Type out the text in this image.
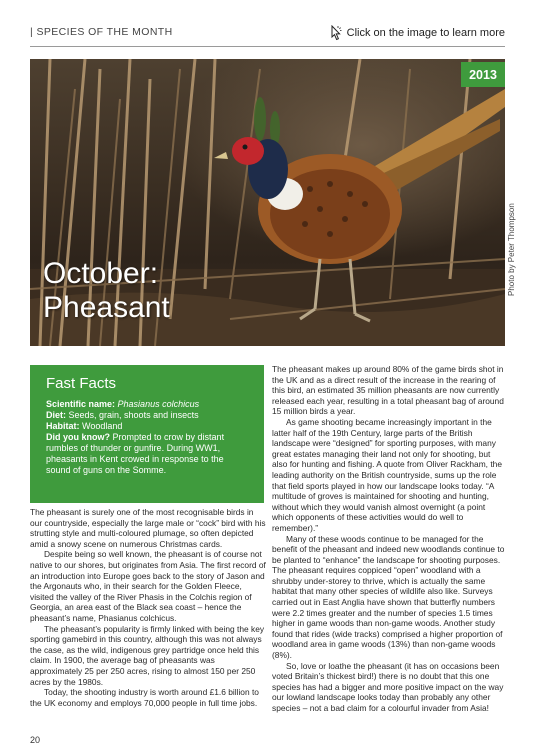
| SPECIES OF THE MONTH	Click on the image to learn more
2013
October:
Pheasant
Photo by Peter Thompson
Fast Facts

Scientific name: Phasianus colchicus

Diet: Seeds, grain, shoots and insects

Habitat: Woodland

Did you know? Prompted to crow by distant rumbles of thunder or gunfire. During WW1, pheasants in Kent crowed in response to the sound of guns on the Somme.

The pheasant is surely one of the most recognisable birds in our countryside, especially the large male or “cock” bird with his strutting style and multi-coloured plumage, so often depicted amid a snowy scene on numerous Christmas cards.

Despite being so well known, the pheasant is of course not native to our shores, but originates from Asia. The first record of an introduction into Europe goes back to the story of Jason and the Argonauts who, in their search for the Golden Fleece, visited the valley of the River Phasis in the Colchis region of Georgia, an area east of the Black sea coast – hence the pheasant’s name, Phasianus colchicus.

The pheasant’s popularity is firmly linked with being the key sporting gamebird in this country, although this was not always the case, as the wild, indigenous grey partridge once held this claim. In 1900, the average bag of pheasants was approximately 25 per 250 acres, rising to almost 150 per 250 acres by the 1980s.

Today, the shooting industry is worth around £1.6 billion to the UK economy and employs 70,000 people in full time jobs.

The pheasant makes up around 80% of the game birds shot in the UK and as a direct result of the increase in the rearing of this bird, an estimated 35 million pheasants are now currently released each year, resulting in a total pheasant bag of around 15 million birds a year.

As game shooting became increasingly important in the latter half of the 19th Century, large parts of the British landscape were “designed” for sporting purposes, with many great estates managing their land not only for shooting, but also for hunting and fishing. A quote from Oliver Rackham, the leading authority on the British countryside, sums up the role that field sports played in how our landscape looks today. “A multitude of groves is maintained for shooting and hunting, without which they would vanish almost overnight (a point which opponents of these activities would do well to remember).”

Many of these woods continue to be managed for the benefit of the pheasant and indeed new woodlands continue to be planted to “enhance” the landscape for shooting purposes. The pheasant requires coppiced “open” woodland with a shrubby under-storey to thrive, which is actually the same habitat that many other species of wildlife also like. Surveys carried out in East Anglia have shown that butterfly numbers were 2.2 times greater and the number of species 1.5 times higher in game woods than non-game woods. Another study found that rides (wide tracks) comprised a higher proportion of woodland area in game woods (13%) than non-game woods (8%).

So, love or loathe the pheasant (it has on occasions been voted Britain’s thickest bird!) there is no doubt that this one species has had a bigger and more positive impact on the way our lowland landscape looks today than probably any other species – not a bad claim for a colourful invader from Asia!

20
